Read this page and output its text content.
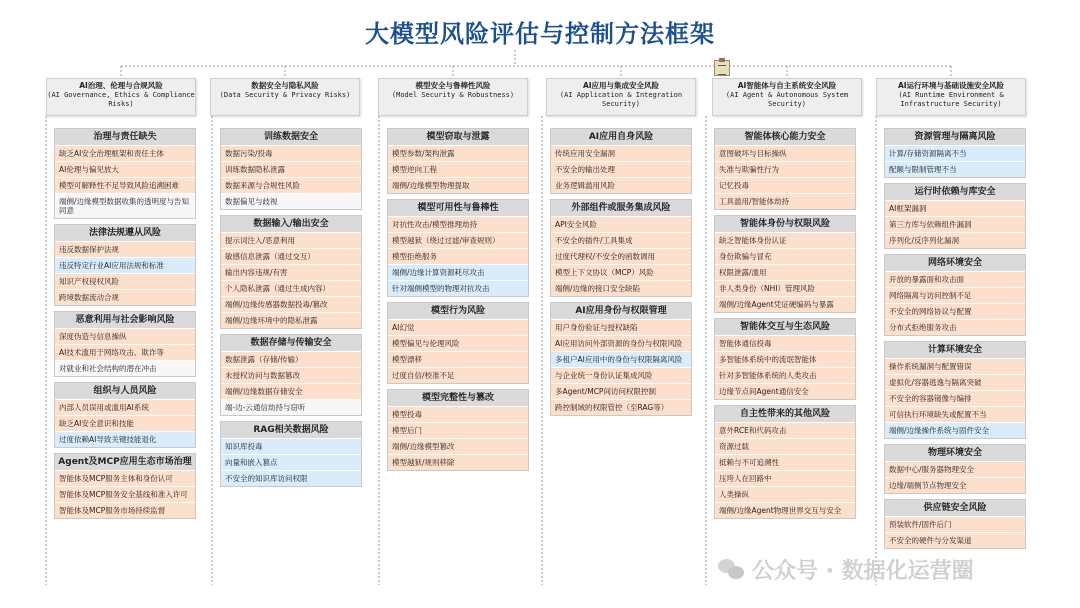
大模型风险评估与控制方法框架
AI治理、伦理与合规风险
(AI Governance, Ethics & Compliance Risks)
数据安全与隐私风险
(Data Security & Privacy Risks)
模型安全与鲁棒性风险
(Model Security & Robustness)
AI应用与集成安全风险
(AI Application & Integration Security)
AI智能体与自主系统安全风险
(AI Agent & Autonomous System Security)
AI运行环境与基础设施安全风险
(AI Runtime Environment & Infrastructure Security)
治理与责任缺失
缺乏AI安全治理框架和责任主体
AI伦理与偏见放大
模型可解释性不足导致风险追溯困难
端侧/边缘模型数据收集的透明度与告知同意
法律法规遵从风险
违反数据保护法规
违反特定行业AI应用法规和标准
知识产权侵权风险
跨境数据流动合规
恶意利用与社会影响风险
深度伪造与信息操纵
AI技术滥用于网络攻击、欺诈等
对就业和社会结构的潜在冲击
组织与人员风险
内部人员误用或滥用AI系统
缺乏AI安全意识和技能
过度依赖AI导致关键技能退化
Agent及MCP应用生态市场治理
智能体及MCP服务主体和身份认可
智能体及MCP服务安全基线和准入许可
智能体及MCP服务市场持续监督
训练数据安全
数据污染/投毒
训练数据隐私泄露
数据来源与合规性风险
数据偏见与歧视
数据输入/输出安全
提示词注入/恶意利用
敏感信息泄露（通过交互）
输出内容违规/有害
个人隐私泄露（通过生成内容）
端侧/边缘传感器数据投毒/篡改
端侧/边缘环境中的隐私泄露
数据存储与传输安全
数据泄露（存储/传输）
未授权访问与数据篡改
端侧/边缘数据存储安全
端-边-云通信劫持与窃听
RAG相关数据风险
知识库投毒
向量和嵌入篡点
不安全的知识库访问权限
模型窃取与泄露
模型参数/架构泄露
模型逆向工程
端侧/边缘模型物理提取
模型可用性与鲁棒性
对抗性攻击/模型推理劫持
模型越狱（绕过过滤/审查规则）
模型拒绝服务
端侧/边缘计算资源耗尽攻击
针对端侧模型的物理对抗攻击
模型行为风险
AI幻觉
模型偏见与伦理风险
模型漂移
过度自信/校准不足
模型完整性与篡改
模型投毒
模型后门
端侧/边缘模型篡改
模型越狱/规则移除
AI应用自身风险
传统应用安全漏洞
不安全的输出处理
业务逻辑滥用风险
外部组件或服务集成风险
API安全风险
不安全的插件/工具集成
过度代理权/不安全的函数调用
模型上下文协议（MCP）风险
端侧/边缘的接口安全缺陷
AI应用身份与权限管理
用户身份验证与授权缺陷
AI应用访问外部资源的身份与权限风险
多租户AI应用中的身份与权限隔离风险
与企业统一身份认证集成风险
多Agent/MCP间访问权限控制
跨控制域的权限管控（至RAG等）
智能体核心能力安全
意图破坏与目标操纵
失准与欺骗性行为
记忆投毒
工具滥用/智能体劫持
智能体身份与权限风险
缺乏智能体身份认证
身份欺骗与冒充
权限泄露/滥用
非人类身份（NHI）管理风险
端侧/边缘Agent凭证硬编码与暴露
智能体交互与生态风险
智能体通信投毒
多智能体系统中的流氓智能体
针对多智能体系统的人类攻击
边缘节点间Agent通信安全
自主性带来的其他风险
意外RCE和代码攻击
资源过载
抵赖与不可追溯性
压垮人在回路中
人类操纵
端侧/边缘Agent物理世界交互与安全
资源管理与隔离风险
计算/存储资源隔离不当
配额与限制管理不当
运行时依赖与库安全
AI框架漏洞
第三方库与依赖组件漏洞
序列化/反序列化漏洞
网络环境安全
开放的暴露面和攻击面
网络隔离与访问控制不足
不安全的网络协议与配置
分布式拒绝服务攻击
计算环境安全
操作系统漏洞与配置错误
虚拟化/容器逃逸与隔离突破
不安全的容器镜像与编排
可信执行环境缺失或配置不当
端侧/边缘操作系统与固件安全
物理环境安全
数据中心/服务器物理安全
边缘/端侧节点物理安全
供应链安全风险
预装软件/固件后门
不安全的硬件与分发渠道
公众号 · 数据化运营圈
